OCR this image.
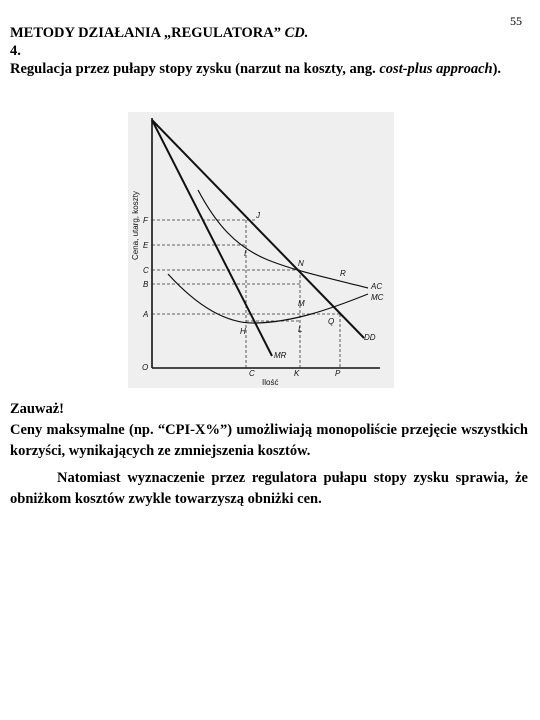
55
METODY DZIAŁANIA „REGULATORA” CD.
4.
Regulacja przez pułapy stopy zysku (narzut na koszty, ang. cost-plus approach).
Cena, utarg, koszty
Ilość
O
F
E
C
B
A
C	K	P
J
I
N
R
M
Q
H	L
AC
MC
DD
MR

Zauważ!

Ceny maksymalne (np. “CPI-X%”) umożliwiają monopoliście przejęcie wszystkich korzyści, wynikających ze zmniejszenia kosztów.

Natomiast wyznaczenie przez regulatora pułapu stopy zysku sprawia, że obniżkom kosztów zwykle towarzyszą obniżki cen.
